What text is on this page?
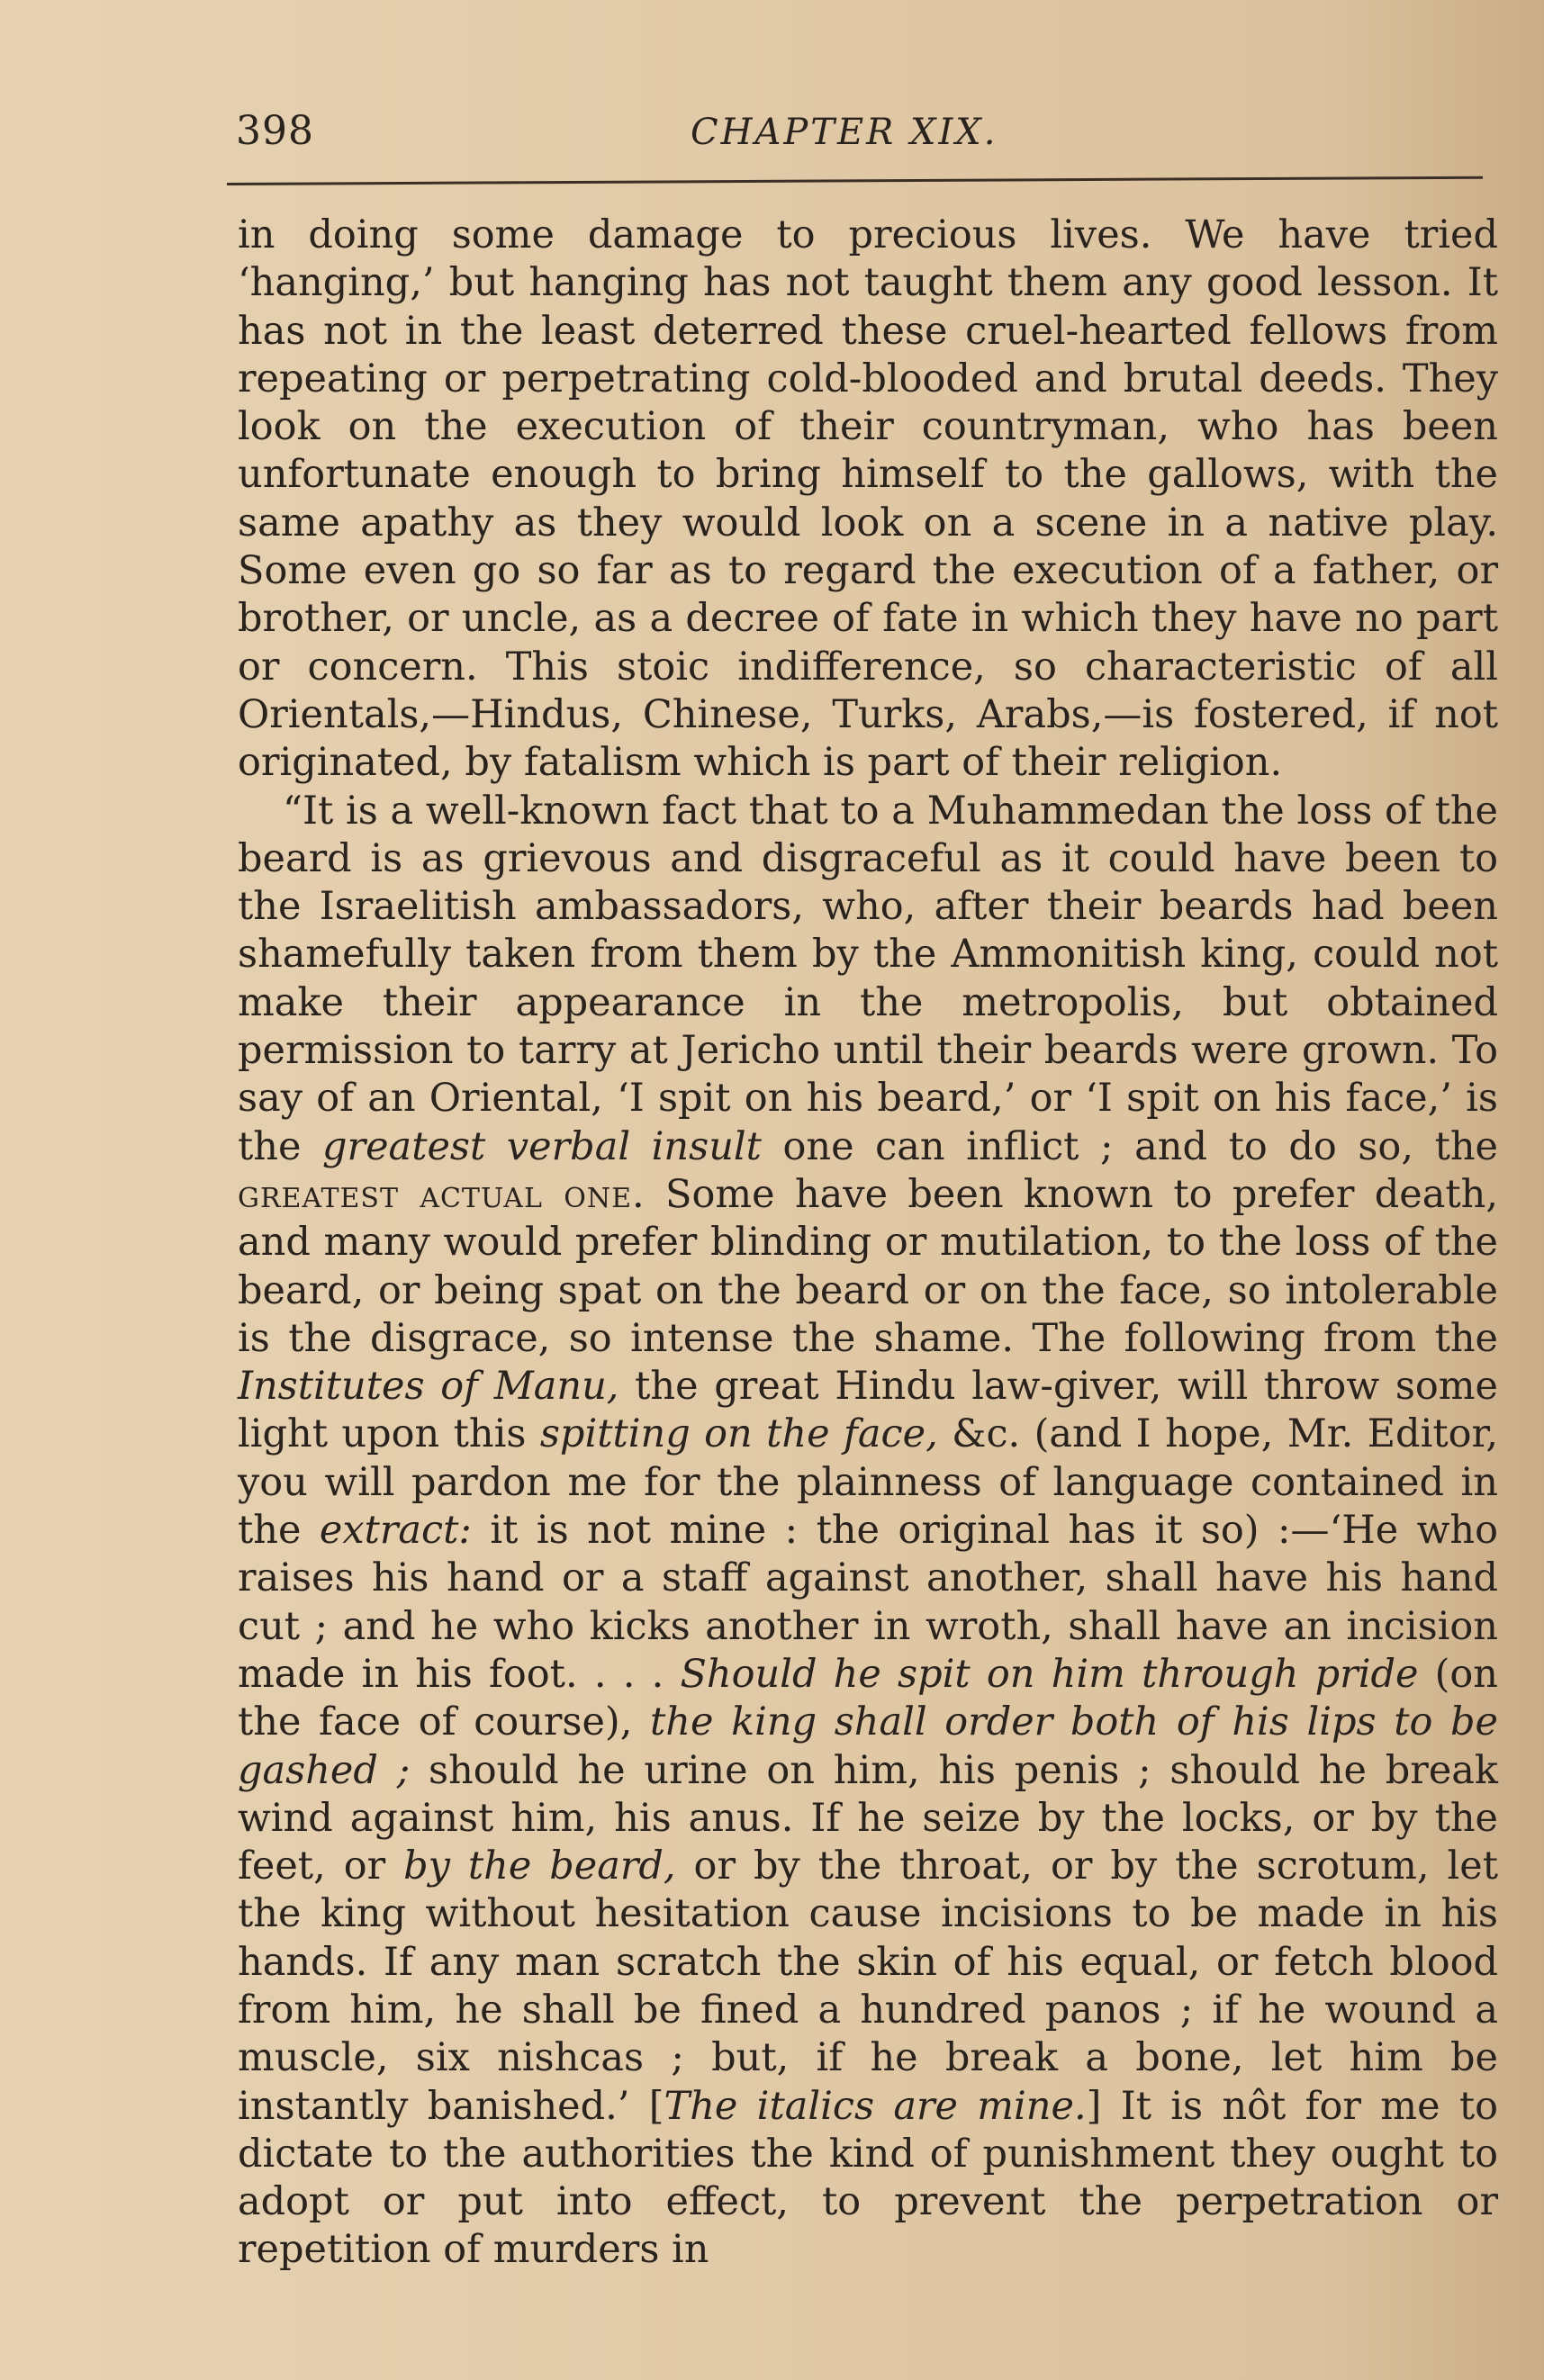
398	CHAPTER XIX.

in doing some damage to precious lives. We have tried ‘hanging,’ but hanging has not taught them any good lesson. It has not in the least deterred these cruel-hearted fellows from repeating or perpetrating cold-blooded and brutal deeds. They look on the execution of their countryman, who has been unfortunate enough to bring himself to the gallows, with the same apathy as they would look on a scene in a native play. Some even go so far as to regard the execution of a father, or brother, or uncle, as a decree of fate in which they have no part or concern. This stoic indifference, so characteristic of all Orientals,—Hindus, Chinese, Turks, Arabs,—is fostered, if not originated, by fatalism which is part of their religion.

“It is a well-known fact that to a Muhammedan the loss of the beard is as grievous and disgraceful as it could have been to the Israelitish ambassadors, who, after their beards had been shamefully taken from them by the Ammonitish king, could not make their appearance in the metropolis, but obtained permission to tarry at Jericho until their beards were grown. To say of an Oriental, ‘I spit on his beard,’ or ‘I spit on his face,’ is the greatest verbal insult one can inflict ; and to do so, the greatest actual one. Some have been known to prefer death, and many would prefer blinding or mutilation, to the loss of the beard, or being spat on the beard or on the face, so intolerable is the disgrace, so intense the shame. The following from the Institutes of Manu, the great Hindu law-giver, will throw some light upon this spitting on the face, &c. (and I hope, Mr. Editor, you will pardon me for the plainness of language contained in the extract: it is not mine : the original has it so) :—‘He who raises his hand or a staff against another, shall have his hand cut ; and he who kicks another in wroth, shall have an incision made in his foot. . . . Should he spit on him through pride (on the face of course), the king shall order both of his lips to be gashed ; should he urine on him, his penis ; should he break wind against him, his anus. If he seize by the locks, or by the feet, or by the beard, or by the throat, or by the scrotum, let the king without hesitation cause incisions to be made in his hands. If any man scratch the skin of his equal, or fetch blood from him, he shall be fined a hundred panos ; if he wound a muscle, six nishcas ; but, if he break a bone, let him be instantly banished.’ [The italics are mine.] It is nôt for me to dictate to the authorities the kind of punishment they ought to adopt or put into effect, to prevent the perpetration or repetition of murders in
